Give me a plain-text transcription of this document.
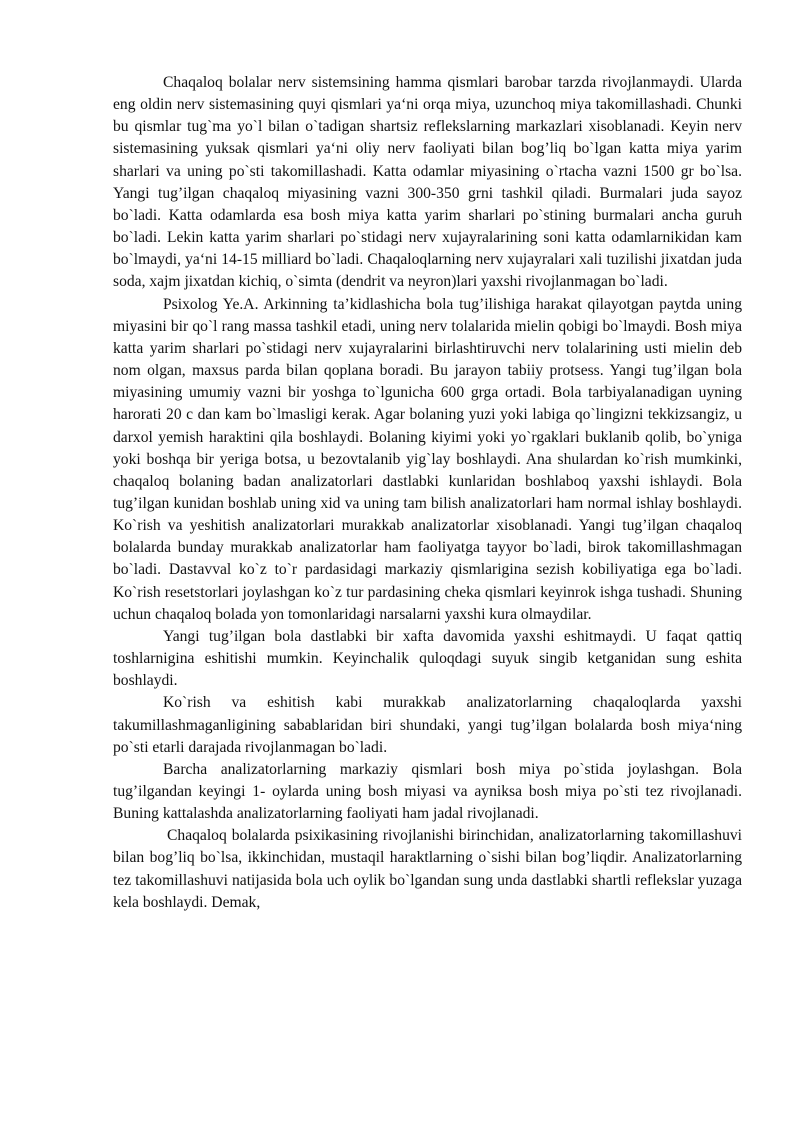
Chaqaloq bolalar nerv sistemsining hamma qismlari barobar tarzda rivojlanmaydi. Ularda eng oldin nerv sistemasining quyi qismlari ya‘ni orqa miya, uzunchoq miya takomillashadi. Chunki bu qismlar tug`ma yo`l bilan o`tadigan shartsiz reflekslarning markazlari xisoblanadi. Keyin nerv sistemasining yuksak qismlari ya‘ni oliy nerv faoliyati bilan bog’liq bo`lgan katta miya yarim sharlari va uning po`sti takomillashadi. Katta odamlar miyasining o`rtacha vazni 1500 gr bo`lsa. Yangi tug’ilgan chaqaloq miyasining vazni 300-350 grni tashkil qiladi. Burmalari juda sayoz bo`ladi. Katta odamlarda esa bosh miya katta yarim sharlari po`stining burmalari ancha guruh bo`ladi. Lekin katta yarim sharlari po`stidagi nerv xujayralarining soni katta odamlarnikidan kam bo`lmaydi, ya‘ni 14-15 milliard bo`ladi. Chaqaloqlarning nerv xujayralari xali tuzilishi jixatdan juda soda, xajm jixatdan kichiq, o`simta (dendrit va neyron)lari yaxshi rivojlanmagan bo`ladi.

Psixolog Ye.A. Arkinning ta’kidlashicha bola tug’ilishiga harakat qilayotgan paytda uning miyasini bir qo`l rang massa tashkil etadi, uning nerv tolalarida mielin qobigi bo`lmaydi. Bosh miya katta yarim sharlari po`stidagi nerv xujayralarini birlashtiruvchi nerv tolalarining usti mielin deb nom olgan, maxsus parda bilan qoplana boradi. Bu jarayon tabiiy protsess. Yangi tug’ilgan bola miyasining umumiy vazni bir yoshga to`lgunicha 600 grga ortadi. Bola tarbiyalanadigan uyning harorati 20 c dan kam bo`lmasligi kerak. Agar bolaning yuzi yoki labiga qo`lingizni tekkizsangiz, u darxol yemish haraktini qila boshlaydi. Bolaning kiyimi yoki yo`rgaklari buklanib qolib, bo`yniga yoki boshqa bir yeriga botsa, u bezovtalanib yig`lay boshlaydi. Ana shulardan ko`rish mumkinki, chaqaloq bolaning badan analizatorlari dastlabki kunlaridan boshlaboq yaxshi ishlaydi. Bola tug’ilgan kunidan boshlab uning xid va uning tam bilish analizatorlari ham normal ishlay boshlaydi. Ko`rish va yeshitish analizatorlari murakkab analizatorlar xisoblanadi. Yangi tug’ilgan chaqaloq bolalarda bunday murakkab analizatorlar ham faoliyatga tayyor bo`ladi, birok takomillashmagan bo`ladi. Dastavval ko`z to`r pardasidagi markaziy qismlarigina sezish kobiliyatiga ega bo`ladi. Ko`rish resetstorlari joylashgan ko`z tur pardasining cheka qismlari keyinrok ishga tushadi. Shuning uchun chaqaloq bolada yon tomonlaridagi narsalarni yaxshi kura olmaydilar.

Yangi tug’ilgan bola dastlabki bir xafta davomida yaxshi eshitmaydi. U faqat qattiq toshlarnigina eshitishi mumkin. Keyinchalik quloqdagi suyuk singib ketganidan sung eshita boshlaydi.

Ko`rish va eshitish kabi murakkab analizatorlarning chaqaloqlarda yaxshi takumillashmaganligining sabablaridan biri shundaki, yangi tug’ilgan bolalarda bosh miya‘ning po`sti etarli darajada rivojlanmagan bo`ladi.

Barcha analizatorlarning markaziy qismlari bosh miya po`stida joylashgan. Bola tug’ilgandan keyingi 1- oylarda uning bosh miyasi va ayniksa bosh miya po`sti tez rivojlanadi. Buning kattalashda analizatorlarning faoliyati ham jadal rivojlanadi.

Chaqaloq bolalarda psixikasining rivojlanishi birinchidan, analizatorlarning takomillashuvi bilan bog’liq bo`lsa, ikkinchidan, mustaqil haraktlarning o`sishi bilan bog’liqdir. Analizatorlarning tez takomillashuvi natijasida bola uch oylik bo`lgandan sung unda dastlabki shartli reflekslar yuzaga kela boshlaydi. Demak,
